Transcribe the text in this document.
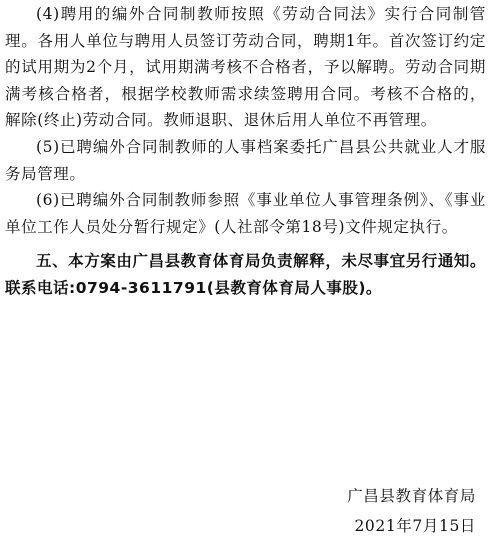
(4)聘用的编外合同制教师按照《劳动合同法》实行合同制管理。各用人单位与聘用人员签订劳动合同，聘期1年。首次签订约定的试用期为2个月，试用期满考核不合格者，予以解聘。劳动合同期满考核合格者，根据学校教师需求续签聘用合同。考核不合格的，解除(终止)劳动合同。教师退职、退休后用人单位不再管理。

(5)已聘编外合同制教师的人事档案委托广昌县公共就业人才服务局管理。

(6)已聘编外合同制教师参照《事业单位人事管理条例》、《事业单位工作人员处分暂行规定》(人社部令第18号)文件规定执行。

五、本方案由广昌县教育体育局负责解释，未尽事宜另行通知。联系电话:0794-3611791(县教育体育局人事股)。

广昌县教育体育局

2021年7月15日
